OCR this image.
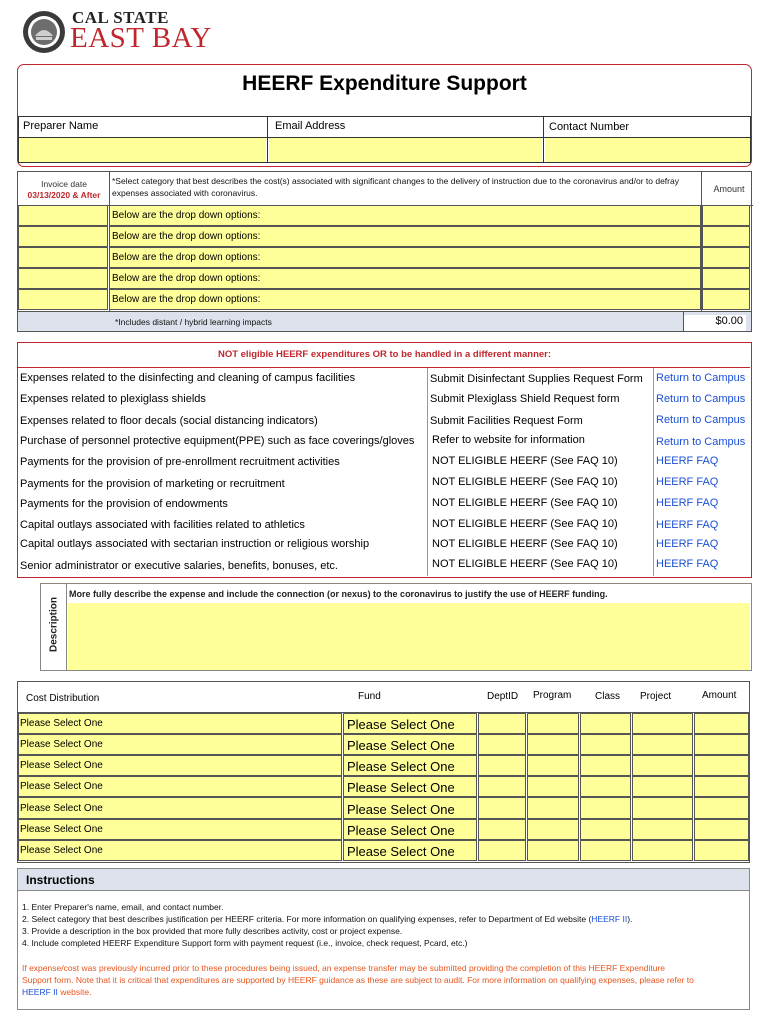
CAL STATE
EAST BAY
HEERF Expenditure Support
Preparer Name	Email Address	Contact Number
Invoice date
03/13/2020 & After
*Select category that best describes the cost(s) associated with significant changes to the delivery of instruction due to the coronavirus and/or to defray expenses associated with coronavirus.	Amount
Below are the drop down options:
Below are the drop down options:
Below are the drop down options:
Below are the drop down options:
Below are the drop down options:
*Includes distant / hybrid learning impacts	$0.00
NOT eligible HEERF expenditures OR to be handled in a different manner:
Expenses related to the disinfecting and cleaning of campus facilities	Submit Disinfectant Supplies Request Form Return to Campus
Expenses related to plexiglass shields	Submit Plexiglass Shield Request form	Return to Campus
Expenses related to floor decals (social distancing indicators)	Submit Facilities Request Form	Return to Campus
Purchase of personnel protective equipment(PPE) such as face coverings/gloves Refer to website for information	Return to Campus
Payments for the provision of pre-enrollment recruitment activities	NOT ELIGIBLE HEERF (See FAQ 10)	HEERF FAQ
Payments for the provision of marketing or recruitment	NOT ELIGIBLE HEERF (See FAQ 10)	HEERF FAQ
Payments for the provision of endowments	NOT ELIGIBLE HEERF (See FAQ 10)	HEERF FAQ
Capital outlays associated with facilities related to athletics	NOT ELIGIBLE HEERF (See FAQ 10)	HEERF FAQ
Capital outlays associated with sectarian instruction or religious worship	NOT ELIGIBLE HEERF (See FAQ 10)	HEERF FAQ
Senior administrator or executive salaries, benefits, bonuses, etc.	NOT ELIGIBLE HEERF (See FAQ 10)	HEERF FAQ
More fully describe the expense and include the connection (or nexus) to the coronavirus to justify the use of HEERF funding.
Description
Cost Distribution	Fund	DeptID Program Class Project	Amount
Please Select One	Please Select One
Please Select One	Please Select One
Please Select One	Please Select One
Please Select One	Please Select One
Please Select One	Please Select One
Please Select One	Please Select One
Please Select One	Please Select One
Instructions
1. Enter Preparer's name, email, and contact number.
2. Select category that best describes justification per HEERF criteria. For more information on qualifying expenses, refer to Department of Ed website (HEERF II).
3. Provide a description in the box provided that more fully describes activity, cost or project expense.
4. Include completed HEERF Expenditure Support form with payment request (i.e., invoice, check request, Pcard, etc.)
If expense/cost was previously incurred prior to these procedures being issued, an expense transfer may be submitted providing the completion of this HEERF Expenditure Support form. Note that it is critical that expenditures are supported by HEERF guidance as these are subject to audit. For more information on qualifying expenses, please refer to HEERF II website.
